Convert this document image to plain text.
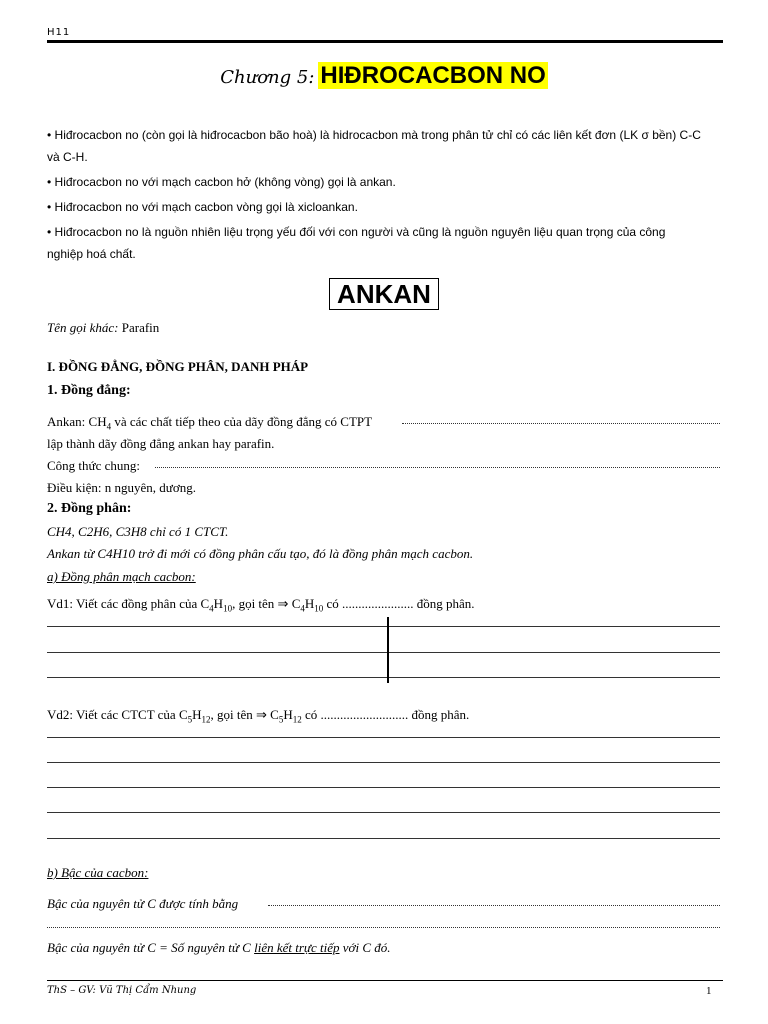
H11
Chương 5: HIĐROCACBON NO
• Hiđrocacbon no (còn gọi là hiđrocacbon bão hoà) là hidrocacbon mà trong phân tử chỉ có các liên kết đơn (LK σ bền) C-C
và C-H.
• Hiđrocacbon no với mạch cacbon hở (không vòng) gọi là ankan.
• Hiđrocacbon no với mạch cacbon vòng gọi là xicloankan.
• Hiđrocacbon no là nguồn nhiên liệu trọng yếu đối với con người và cũng là nguồn nguyên liệu quan trọng của công
nghiệp hoá chất.
ANKAN
Tên gọi khác: Parafin
I. ĐỒNG ĐẲNG, ĐỒNG PHÂN, DANH PHÁP
1. Đồng đẳng:
Ankan: $CH_4$ và các chất tiếp theo của dãy đồng đẳng có CTPT
lập thành dãy đồng đẳng ankan hay parafin.
Công thức chung:
Điều kiện: n nguyên, dương.
2. Đồng phân:
CH4, C2H6, C3H8 chỉ có 1 CTCT.
Ankan từ C4H10 trở đi mới có đồng phân cấu tạo, đó là đồng phân mạch cacbon.
a) Đồng phân mạch cacbon:
Vd1: Viết các đồng phân của $C_4H_{10}$, gọi tên ⇒ $C_4H_{10}$ có ...................... đồng phân.
Vd2: Viết các CTCT của $C_5H_{12}$, gọi tên ⇒ $C_5H_{12}$ có ........................... đồng phân.
b) Bậc của cacbon:
Bậc của nguyên tử C được tính bằng
Bậc của nguyên tử C = Số nguyên tử C liên kết trực tiếp với C đó.
ThS – GV: Vũ Thị Cẩm Nhung	1
